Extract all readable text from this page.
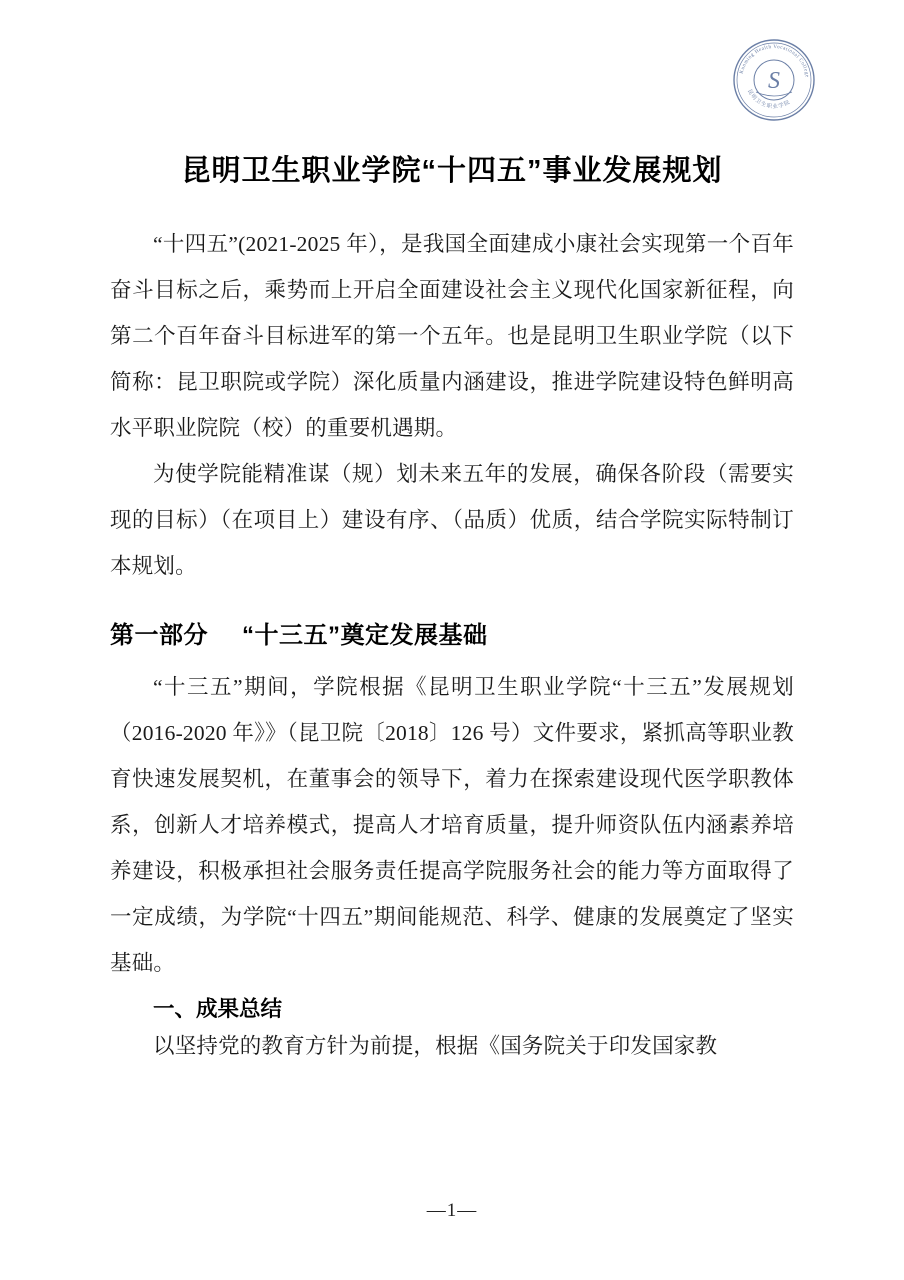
Kunming Health Vocational College
昆明卫生职业学院
S
昆明卫生职业学院“十四五”事业发展规划

“十四五”(2021-2025 年），是我国全面建成小康社会实现第一个百年奋斗目标之后，乘势而上开启全面建设社会主义现代化国家新征程，向第二个百年奋斗目标进军的第一个五年。也是昆明卫生职业学院（以下简称：昆卫职院或学院）深化质量内涵建设，推进学院建设特色鲜明高水平职业院院（校）的重要机遇期。

为使学院能精准谋（规）划未来五年的发展，确保各阶段（需要实现的目标）（在项目上）建设有序、（品质）优质，结合学院实际特制订本规划。

第一部分 “十三五”奠定发展基础

“十三五”期间，学院根据《昆明卫生职业学院“十三五”发展规划（2016-2020 年》》（昆卫院〔2018〕126 号）文件要求，紧抓高等职业教育快速发展契机，在董事会的领导下，着力在探索建设现代医学职教体系，创新人才培养模式，提高人才培育质量，提升师资队伍内涵素养培养建设，积极承担社会服务责任提高学院服务社会的能力等方面取得了一定成绩，为学院“十四五”期间能规范、科学、健康的发展奠定了坚实基础。

一、成果总结

以坚持党的教育方针为前提，根据《国务院关于印发国家教

—1—
